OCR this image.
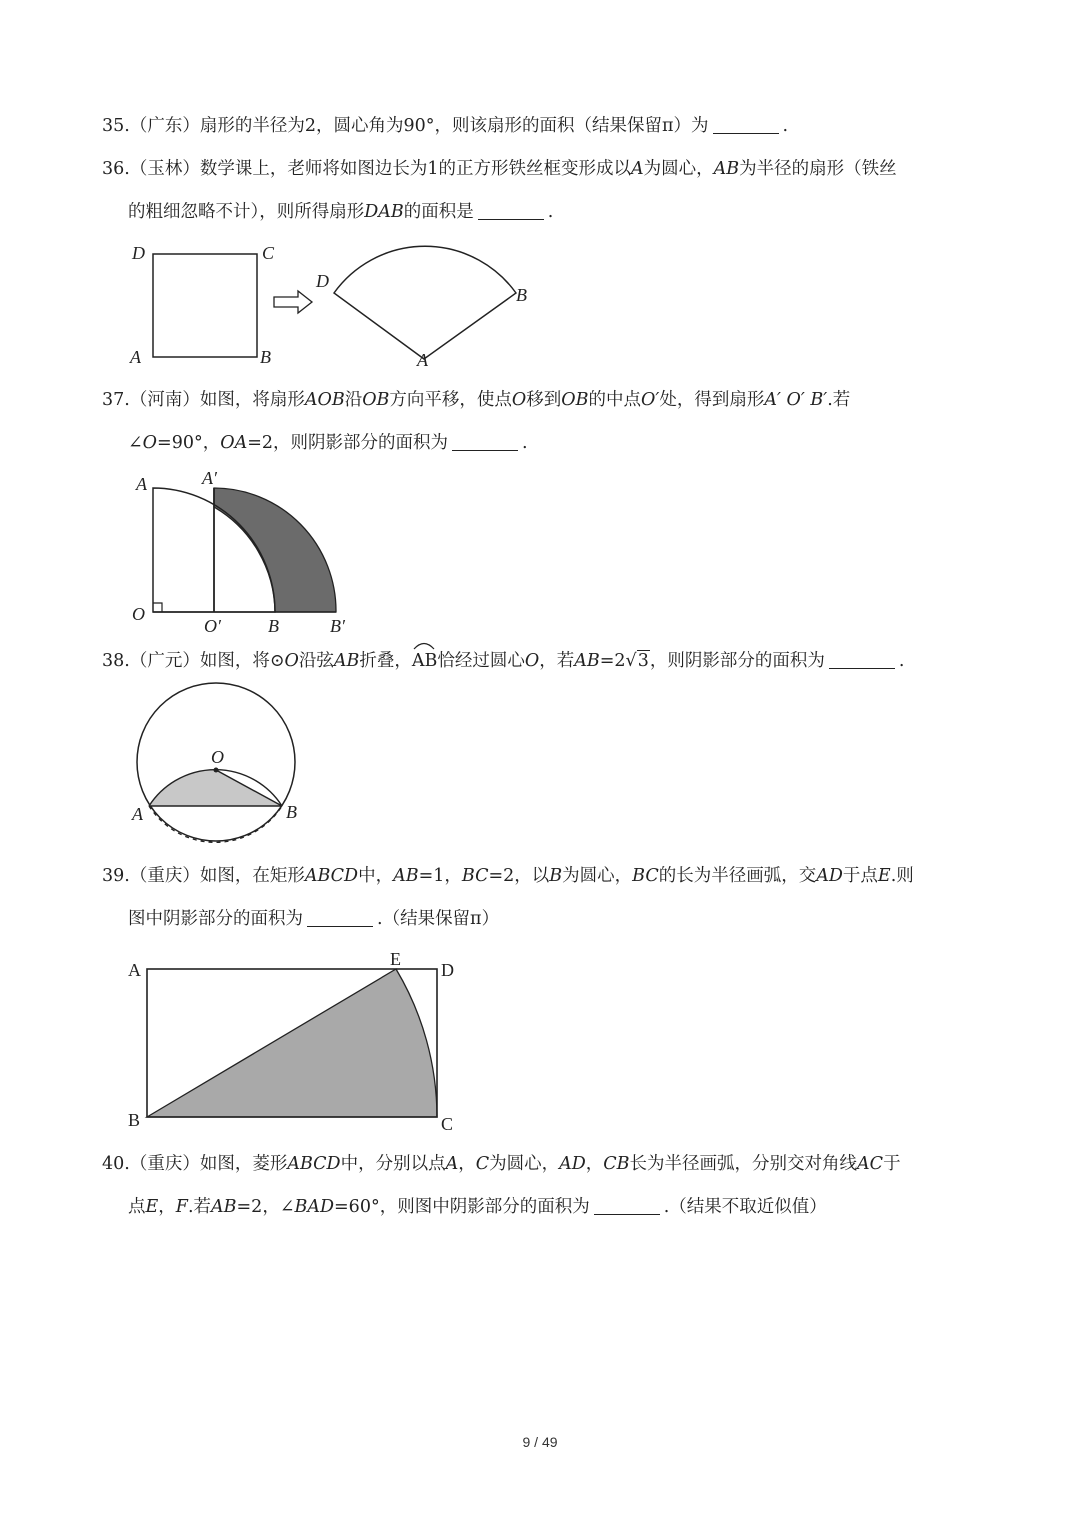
35.（广东）扇形的半径为2，圆心角为90°，则该扇形的面积（结果保留π）为	.
36.（玉林）数学课上，老师将如图边长为1的正方形铁丝框变形成以A为圆心，AB为半径的扇形（铁丝
的粗细忽略不计），则所得扇形DAB的面积是	.
D	C
A	B
D
B
A
37.（河南）如图，将扇形AOB沿OB方向平移，使点O移到OB的中点O′处，得到扇形A′ O′ B′.若
∠O=90°，OA=2，则阴影部分的面积为	.
A	A′
O
O′	B	B′
38.（广元）如图，将⊙O沿弦AB折叠，
AB恰经过圆心O，若AB=2√3，则阴影部分的面积为	.
O
A	B
39.（重庆）如图，在矩形ABCD中，AB=1，BC=2，以B为圆心，BC的长为半径画弧，交AD于点E.则
图中阴影部分的面积为	.（结果保留π）
A
E
D
B	C
40.（重庆）如图，菱形ABCD中，分别以点A，C为圆心，AD，CB长为半径画弧，分别交对角线AC于
点E，F.若AB=2，∠BAD=60°，则图中阴影部分的面积为	.（结果不取近似值）
9 / 49
